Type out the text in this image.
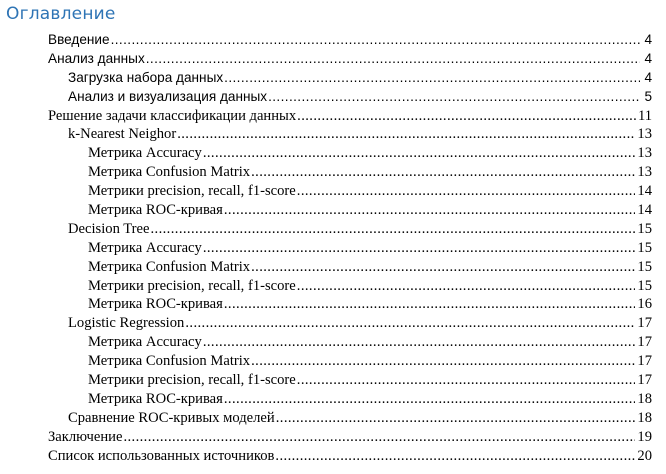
Оглавление
Введение .....	4
Анализ данных .....	4
Загрузка набора данных .....	4
Анализ и визуализация данных .....	5
Решение задачи классификации данных .....	11
k-Nearest Neighor .....	13
Метрика Accuracy .....	13
Метрика Confusion Matrix .....	13
Метрики precision, recall, f1-score .....	14
Метрика ROC-кривая .....	14
Decision Tree .....	15
Метрика Accuracy .....	15
Метрика Confusion Matrix .....	15
Метрики precision, recall, f1-score .....	15
Метрика ROC-кривая .....	16
Logistic Regression .....	17
Метрика Accuracy .....	17
Метрика Confusion Matrix .....	17
Метрики precision, recall, f1-score .....	17
Метрика ROC-кривая .....	18
Сравнение ROC-кривых моделей .....	18
Заключение .....	19
Список использованных источников .....	20
